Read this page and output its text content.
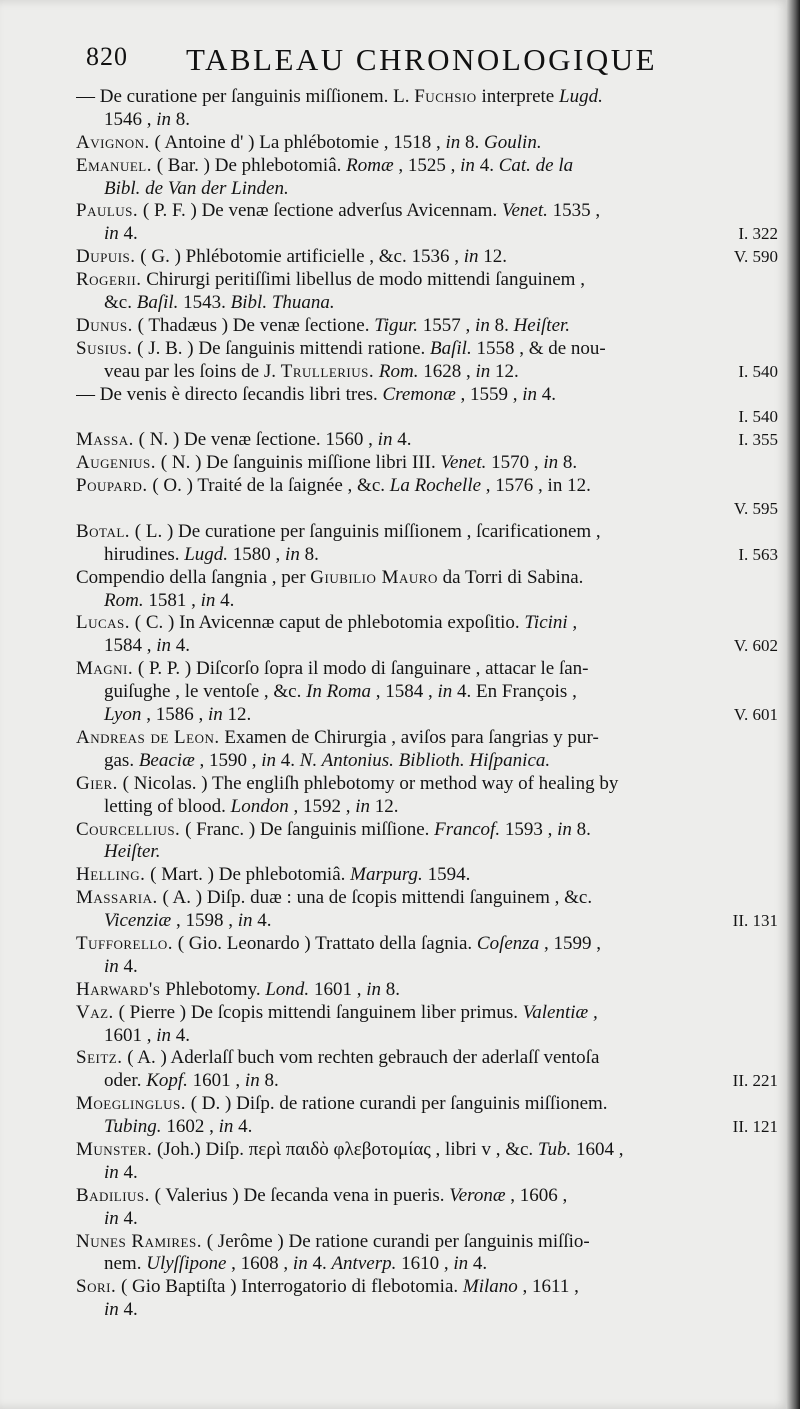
820 TABLEAU CHRONOLOGIQUE
— De curatione per ſanguinis miſſionem. L. Fuchsio interprete Lugd.
1546 , in 8.
Avignon. ( Antoine d' ) La phlébotomie , 1518 , in 8. Goulin.
Emanuel. ( Bar. ) De phlebotomiâ. Romæ , 1525 , in 4. Cat. de la
Bibl. de Van der Linden.
Paulus. ( P. F. ) De venæ ſectione adverſus Avicennam. Venet. 1535 ,
in 4.	I. 322
Dupuis. ( G. ) Phlébotomie artificielle , &c. 1536 , in 12.	V. 590
Rogerii. Chirurgi peritiſſimi libellus de modo mittendi ſanguinem ,
&c. Baſil. 1543. Bibl. Thuana.
Dunus. ( Thadæus ) De venæ ſectione. Tigur. 1557 , in 8. Heiſter.
Susius. ( J. B. ) De ſanguinis mittendi ratione. Baſil. 1558 , & de nou-
veau par les ſoins de J. Trullerius. Rom. 1628 , in 12.	I. 540
— De venis è directo ſecandis libri tres. Cremonæ , 1559 , in 4.
I. 540
Massa. ( N. ) De venæ ſectione. 1560 , in 4.	I. 355
Augenius. ( N. ) De ſanguinis miſſione libri III. Venet. 1570 , in 8.
Poupard. ( O. ) Traité de la ſaignée , &c. La Rochelle , 1576 , in 12.
V. 595
Botal. ( L. ) De curatione per ſanguinis miſſionem , ſcarificationem ,
hirudines. Lugd. 1580 , in 8.	I. 563
Compendio della ſangnia , per Giubilio Mauro da Torri di Sabina.
Rom. 1581 , in 4.
Lucas. ( C. ) In Avicennæ caput de phlebotomia expoſitio. Ticini ,
1584 , in 4.	V. 602
Magni. ( P. P. ) Diſcorſo ſopra il modo di ſanguinare , attacar le ſan-
guiſughe , le ventoſe , &c. In Roma , 1584 , in 4. En François ,
Lyon , 1586 , in 12.	V. 601
Andreas de Leon. Examen de Chirurgia , aviſos para ſangrias y pur-
gas. Beaciæ , 1590 , in 4. N. Antonius. Biblioth. Hiſpanica.
Gier. ( Nicolas. ) The engliſh phlebotomy or method way of healing by
letting of blood. London , 1592 , in 12.
Courcellius. ( Franc. ) De ſanguinis miſſione. Francof. 1593 , in 8.
Heiſter.
Helling. ( Mart. ) De phlebotomiâ. Marpurg. 1594.
Massaria. ( A. ) Diſp. duæ : una de ſcopis mittendi ſanguinem , &c.
Vicenziæ , 1598 , in 4.	II. 131
Tufforello. ( Gio. Leonardo ) Trattato della ſagnia. Coſenza , 1599 ,
in 4.
Harward's Phlebotomy. Lond. 1601 , in 8.
Vaz. ( Pierre ) De ſcopis mittendi ſanguinem liber primus. Valentiæ ,
1601 , in 4.
Seitz. ( A. ) Aderlaſſ buch vom rechten gebrauch der aderlaſſ ventoſa
oder. Kopf. 1601 , in 8.	II. 221
Moeglinglus. ( D. ) Diſp. de ratione curandi per ſanguinis miſſionem.
Tubing. 1602 , in 4.	II. 121
Munster. (Joh.) Diſp. περὶ παιδὸ φλεβοτομίας , libri v , &c. Tub. 1604 ,
in 4.
Badilius. ( Valerius ) De ſecanda vena in pueris. Veronæ , 1606 ,
in 4.
Nunes Ramires. ( Jerôme ) De ratione curandi per ſanguinis miſſio-
nem. Ulyſſipone , 1608 , in 4. Antverp. 1610 , in 4.
Sori. ( Gio Baptiſta ) Interrogatorio di flebotomia. Milano , 1611 ,
in 4.
